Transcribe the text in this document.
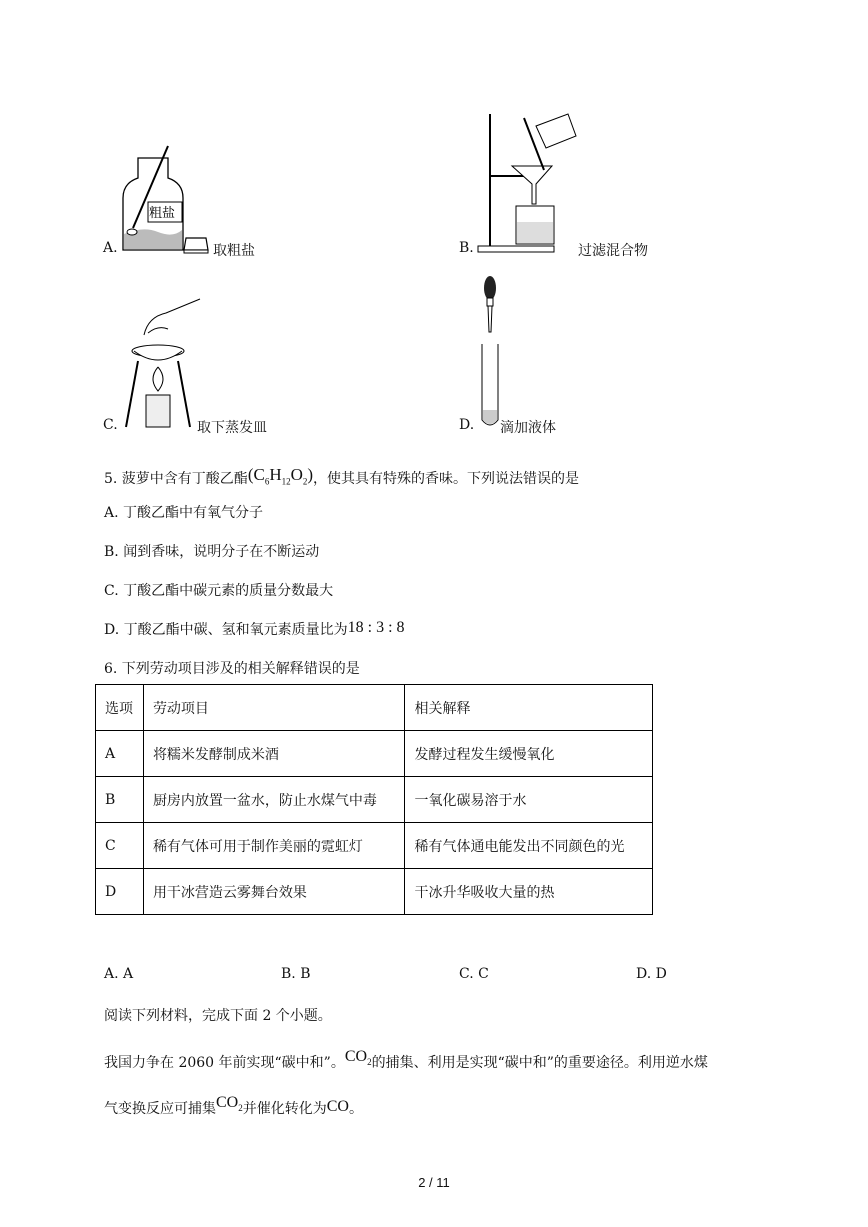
粗盐
A.	取粗盐	B.	过滤混合物
C.	取下蒸发皿	D. 滴加液体
5. 菠萝中含有丁酸乙酯$(C_6H_{12}O_2)$，使其具有特殊的香味。下列说法错误的是
A. 丁酸乙酯中有氧气分子
B. 闻到香味，说明分子在不断运动
C. 丁酸乙酯中碳元素的质量分数最大
D. 丁酸乙酯中碳、氢和氧元素质量比为18 : 3 : 8
6. 下列劳动项目涉及的相关解释错误的是
选项	劳动项目	相关解释
A	将糯米发酵制成米酒	发酵过程发生缓慢氧化
B	厨房内放置一盆水，防止水煤气中毒	一氧化碳易溶于水
C	稀有气体可用于制作美丽的霓虹灯	稀有气体通电能发出不同颜色的光
D	用干冰营造云雾舞台效果	干冰升华吸收大量的热
A. A	B. B	C. C	D. D
阅读下列材料，完成下面 2 个小题。
我国力争在 2060 年前实现“碳中和”。$CO_2$的捕集、利用是实现“碳中和”的重要途径。利用逆水煤
气变换反应可捕集$CO_2$并催化转化为CO。
2 / 11
